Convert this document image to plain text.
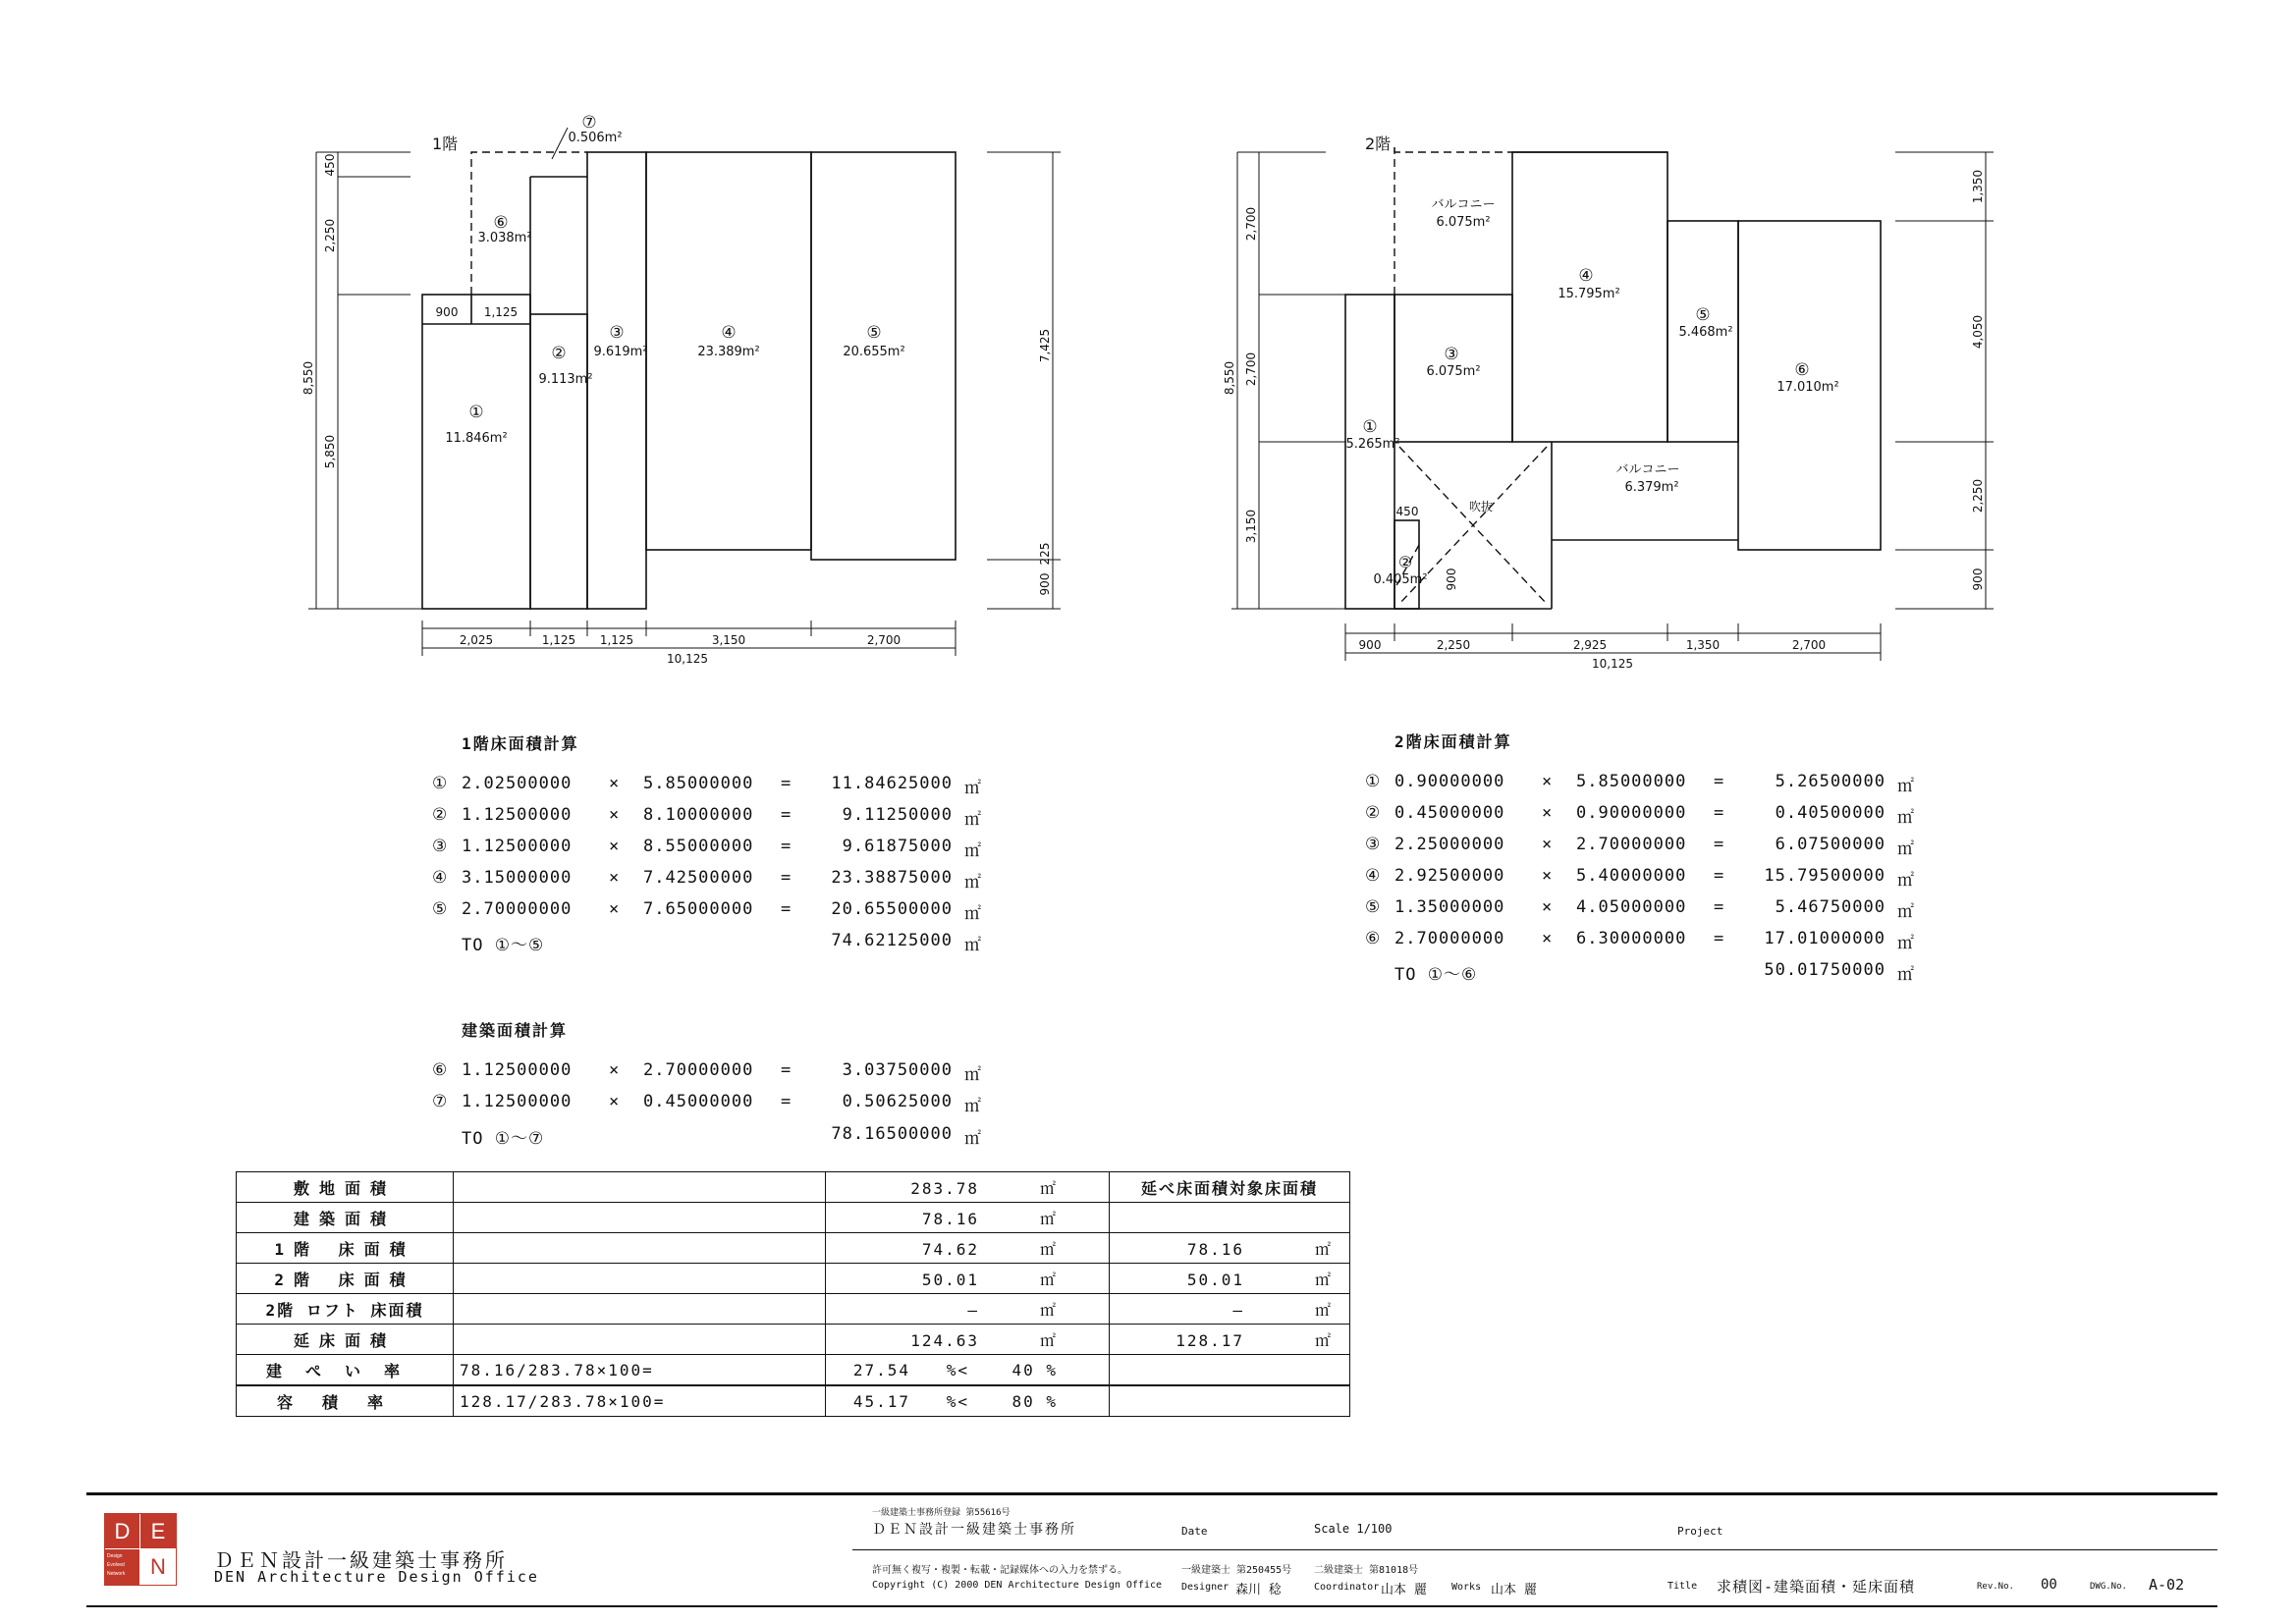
1階
①
11.846m²
②
9.113m²
③
9.619m²
④
23.389m²
⑤
20.655m²
⑥
3.038m²
⑦
0.506m²
450
2,250
5,850
8,550
900 1,125
7,425
225
900
2,025	1,125 1,125	3,150	2,700
10,125
2階
①
5.265m²
②
0.405m²
③
6.075m²
④
15.795m²
⑤
5.468m²
⑥
17.010m²
バルコニー
6.075m²
バルコニー
6.379m²
吹抜
450
900
2,700
2,700
3,150
8,550
1,350
4,050
2,250
900
900	2,250	2,925	1,350	2,700
10,125
1階床面積計算
① 2.02500000 × 5.85000000 =	11.84625000 ㎡
② 1.12500000 × 8.10000000 =	9.11250000 ㎡
③ 1.12500000 × 8.55000000 =	9.61875000 ㎡
④ 3.15000000 × 7.42500000 =	23.38875000 ㎡
⑤ 2.70000000 × 7.65000000 =	20.65500000 ㎡
TO ①～⑤	74.62125000 ㎡
建築面積計算
⑥ 1.12500000 × 2.70000000 =	3.03750000 ㎡
⑦ 1.12500000 × 0.45000000 =	0.50625000 ㎡
TO ①～⑦	78.16500000 ㎡
2階床面積計算
① 0.90000000 × 5.85000000 =	5.26500000 ㎡
② 0.45000000 × 0.90000000 =	0.40500000 ㎡
③ 2.25000000 × 2.70000000 =	6.07500000 ㎡
④ 2.92500000 × 5.40000000 =	15.79500000 ㎡
⑤ 1.35000000 × 4.05000000 =	5.46750000 ㎡
⑥ 2.70000000 × 6.30000000 =	17.01000000 ㎡
TO ①～⑥	50.01750000 ㎡
敷地面積		283.78 ㎡	延べ床面積対象床面積
建築面積		78.16 ㎡	
1階 床面積		74.62 ㎡	78.16 ㎡
2階 床面積		50.01 ㎡	50.01 ㎡
2階 ロフト 床面積		— ㎡	— ㎡
延床面積		124.63 ㎡	128.17 ㎡
建ぺい率	78.16/283.78×100=	27.54 %< 40 %	
容積率	128.17/283.78×100=	45.17 %< 80 %	
D E
Design Evolved Network	N	ＤＥＮ設計一級建築士事務所
DEN Architecture Design Office
一級建築士事務所登録 第55616号
ＤＥＮ設計一級建築士事務所
許可無く複写・複製・転載・記録媒体への入力を禁ずる。
Copyright (C) 2000 DEN Architecture Design Office
Date	Scale 1/100	Project
一級建築士 第250455号 二級建築士 第81018号
Designer 森川 稔	Coordinator 山本 麗	Works 山本 麗	Title 求積図-建築面積・延床面積	Rev.No. 00	DWG.No. A-02
